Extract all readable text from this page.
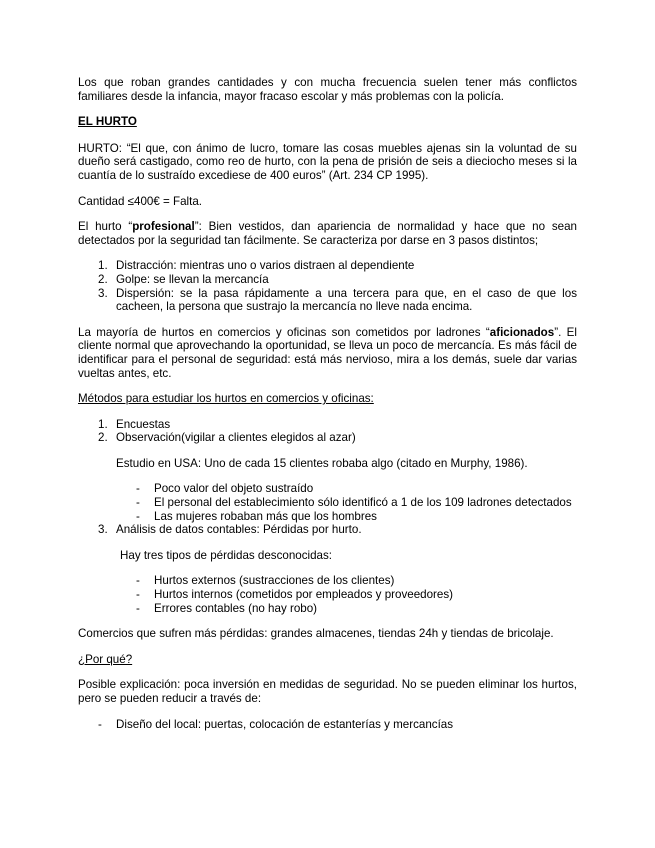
Los que roban grandes cantidades y con mucha frecuencia suelen tener más conflictos familiares desde la infancia, mayor fracaso escolar y más problemas con la policía.

EL HURTO

HURTO: “El que, con ánimo de lucro, tomare las cosas muebles ajenas sin la voluntad de su dueño será castigado, como reo de hurto, con la pena de prisión de seis a dieciocho meses si la cuantía de lo sustraído excediese de 400 euros” (Art. 234 CP 1995).

Cantidad ≤400€ = Falta.

El hurto “profesional”: Bien vestidos, dan apariencia de normalidad y hace que no sean detectados por la seguridad tan fácilmente. Se caracteriza por darse en 3 pasos distintos;

1. Distracción: mientras uno o varios distraen al dependiente
2. Golpe: se llevan la mercancía
3. Dispersión: se la pasa rápidamente a una tercera para que, en el caso de que los cacheen, la persona que sustrajo la mercancía no lleve nada encima.

La mayoría de hurtos en comercios y oficinas son cometidos por ladrones “aficionados”. El cliente normal que aprovechando la oportunidad, se lleva un poco de mercancía. Es más fácil de identificar para el personal de seguridad: está más nervioso, mira a los demás, suele dar varias vueltas antes, etc.

Métodos para estudiar los hurtos en comercios y oficinas:

1. Encuestas
2. Observación(vigilar a clientes elegidos al azar)
Estudio en USA: Uno de cada 15 clientes robaba algo (citado en Murphy, 1986).
- Poco valor del objeto sustraído
- El personal del establecimiento sólo identificó a 1 de los 109 ladrones detectados
- Las mujeres robaban más que los hombres
3. Análisis de datos contables: Pérdidas por hurto.
Hay tres tipos de pérdidas desconocidas:
- Hurtos externos (sustracciones de los clientes)
- Hurtos internos (cometidos por empleados y proveedores)
- Errores contables (no hay robo)

Comercios que sufren más pérdidas: grandes almacenes, tiendas 24h y tiendas de bricolaje.

¿Por qué?

Posible explicación: poca inversión en medidas de seguridad. No se pueden eliminar los hurtos, pero se pueden reducir a través de:

- Diseño del local: puertas, colocación de estanterías y mercancías
